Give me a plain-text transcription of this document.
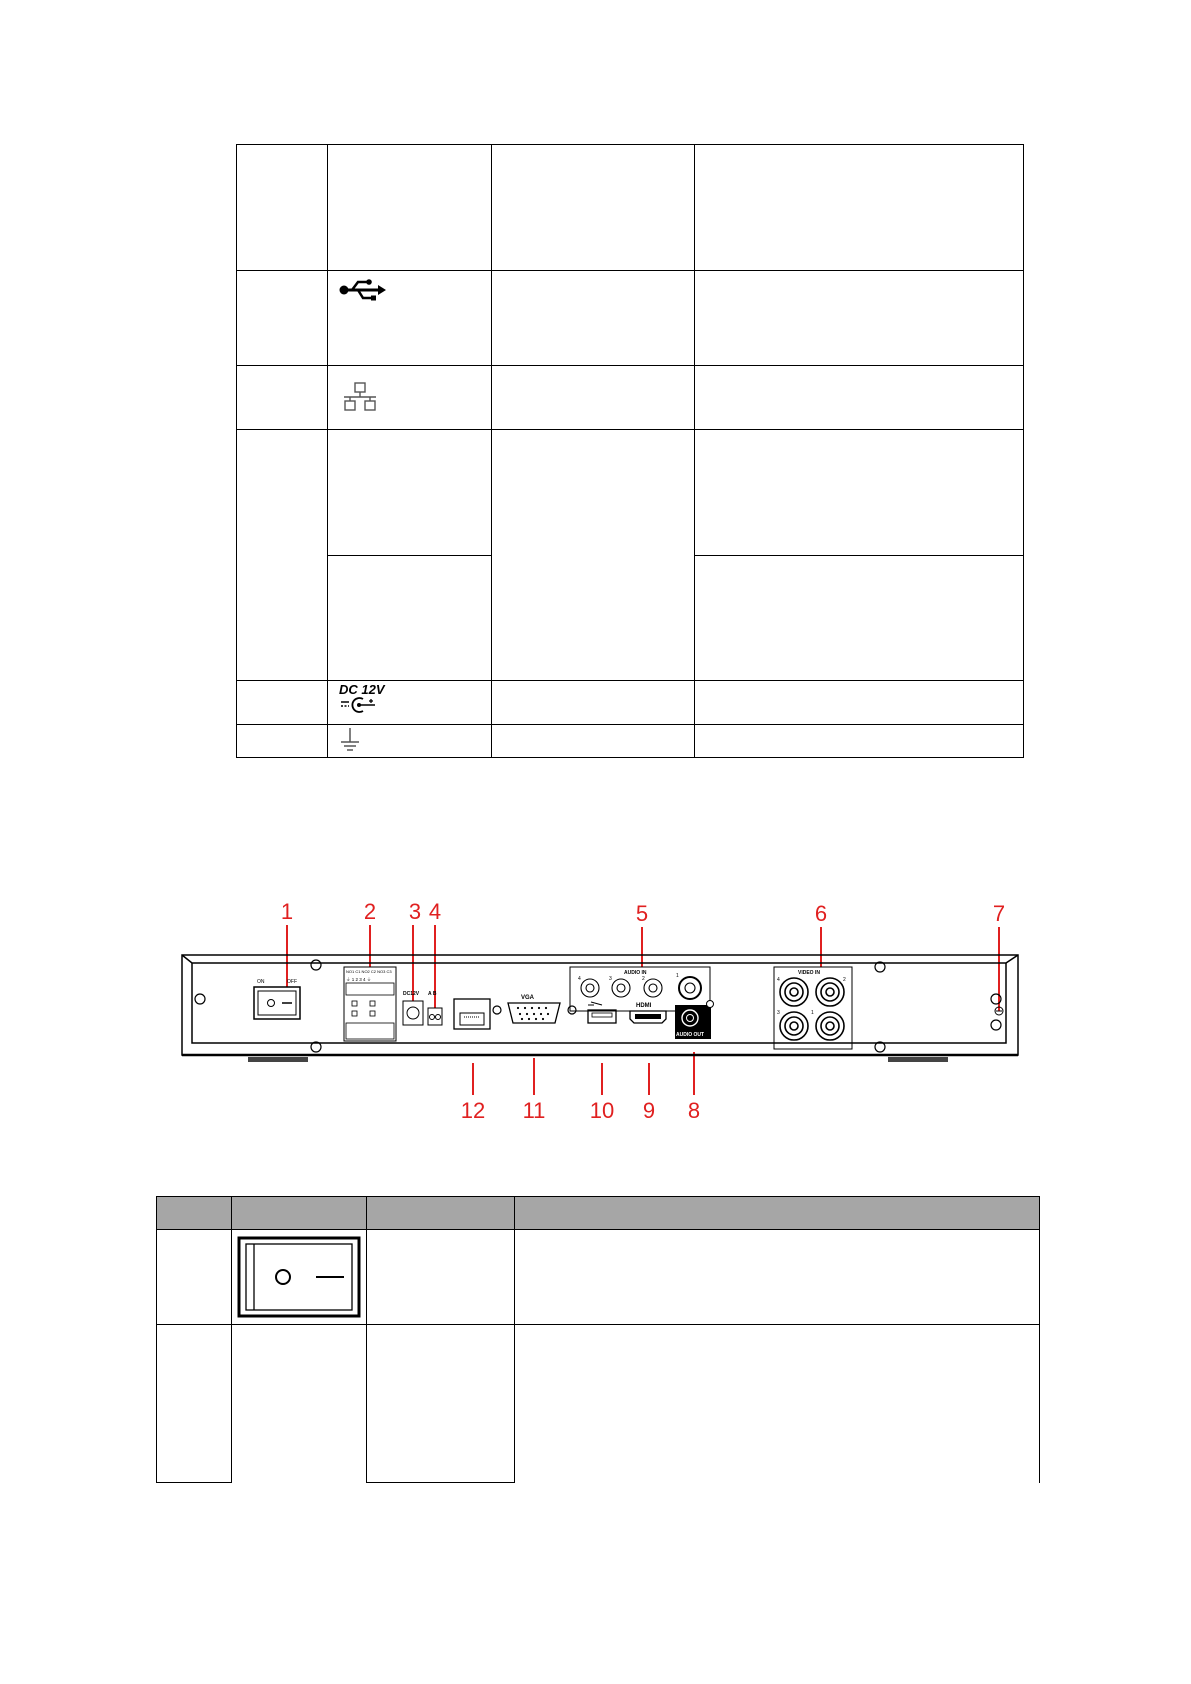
	DC 12V		

1	2 3 4	5	6	7
12 11 10 9 8
ON	OFF
NO1 C1 NO2 C2 NO3 C3
⏚ 1 2 3 4 ⏚
DC12V A B
VGA
AUDIO IN
4	3	2	1
HDMI
AUDIO OUT
VIDEO IN
4	2
3	1
